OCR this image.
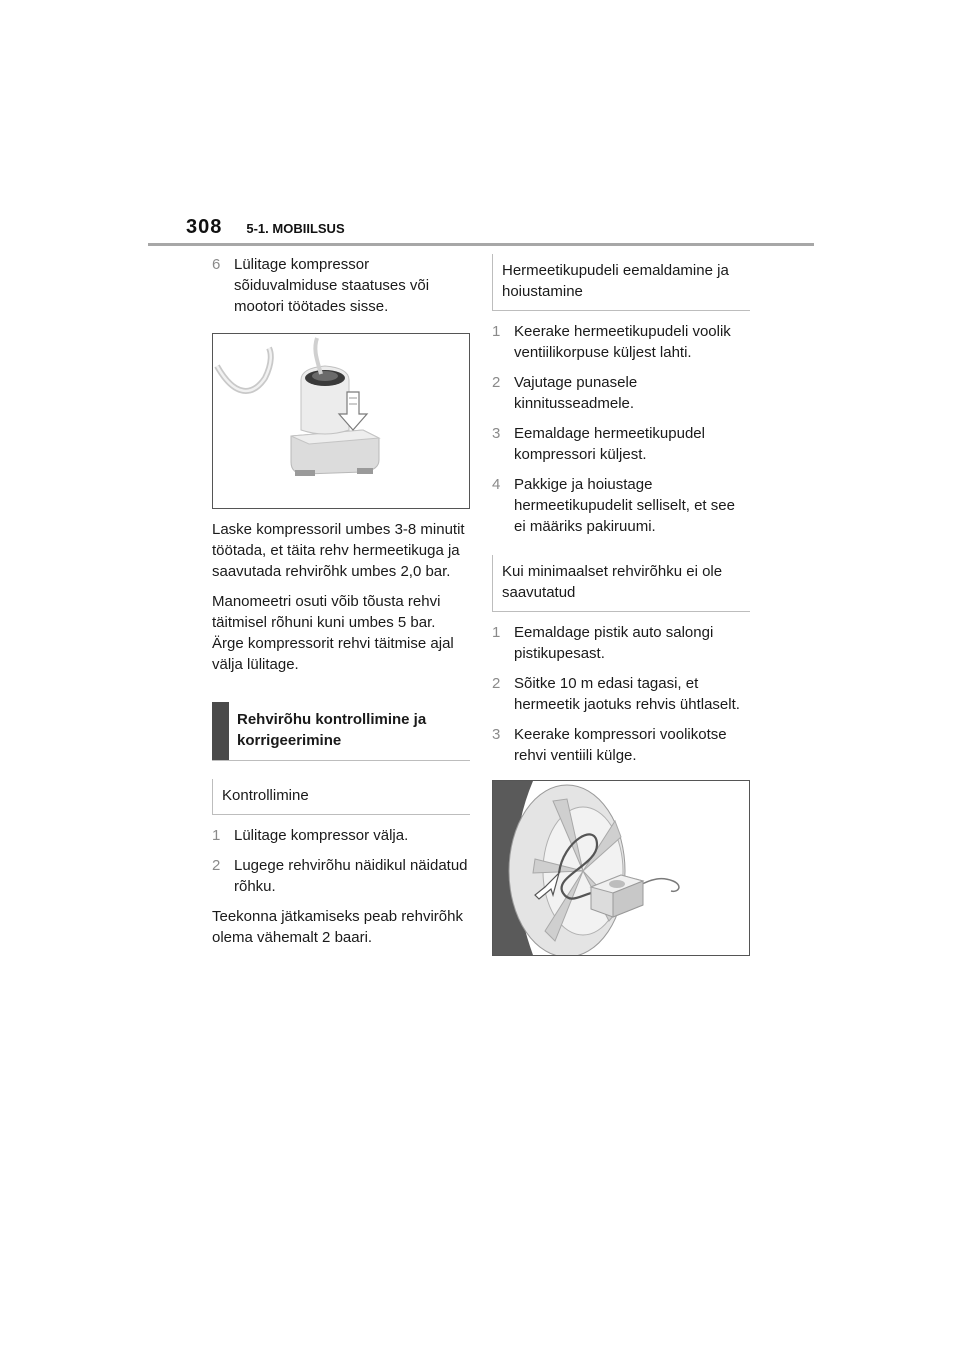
308 5-1. MOBIILSUS
6 Lülitage kompressor sõiduvalmiduse staatuses või mootori töötades sisse.

Laske kompressoril umbes 3-8 minutit töötada, et täita rehv hermeetikuga ja saavutada rehvirõhk umbes 2,0 bar.

Manomeetri osuti võib tõusta rehvi täitmisel rõhuni kuni umbes 5 bar. Ärge kompressorit rehvi täitmise ajal välja lülitage.

Rehvirõhu kontrollimine ja korrigeerimine
Kontrollimine
1 Lülitage kompressor välja.
2 Lugege rehvirõhu näidikul näidatud rõhku.

Teekonna jätkamiseks peab rehvirõhk olema vähemalt 2 baari.

Hermeetikupudeli eemaldamine ja hoiustamine
1 Keerake hermeetikupudeli voolik ventiilikorpuse küljest lahti.
2 Vajutage punasele kinnitusseadmele.
3 Eemaldage hermeetikupudel kompressori küljest.
4 Pakkige ja hoiustage hermeetikupudelit selliselt, et see ei määriks pakiruumi.
Kui minimaalset rehvirõhku ei ole saavutatud
1 Eemaldage pistik auto salongi pistikupesast.
2 Sõitke 10 m edasi tagasi, et hermeetik jaotuks rehvis ühtlaselt.
3 Keerake kompressori voolikotse rehvi ventiili külge.
